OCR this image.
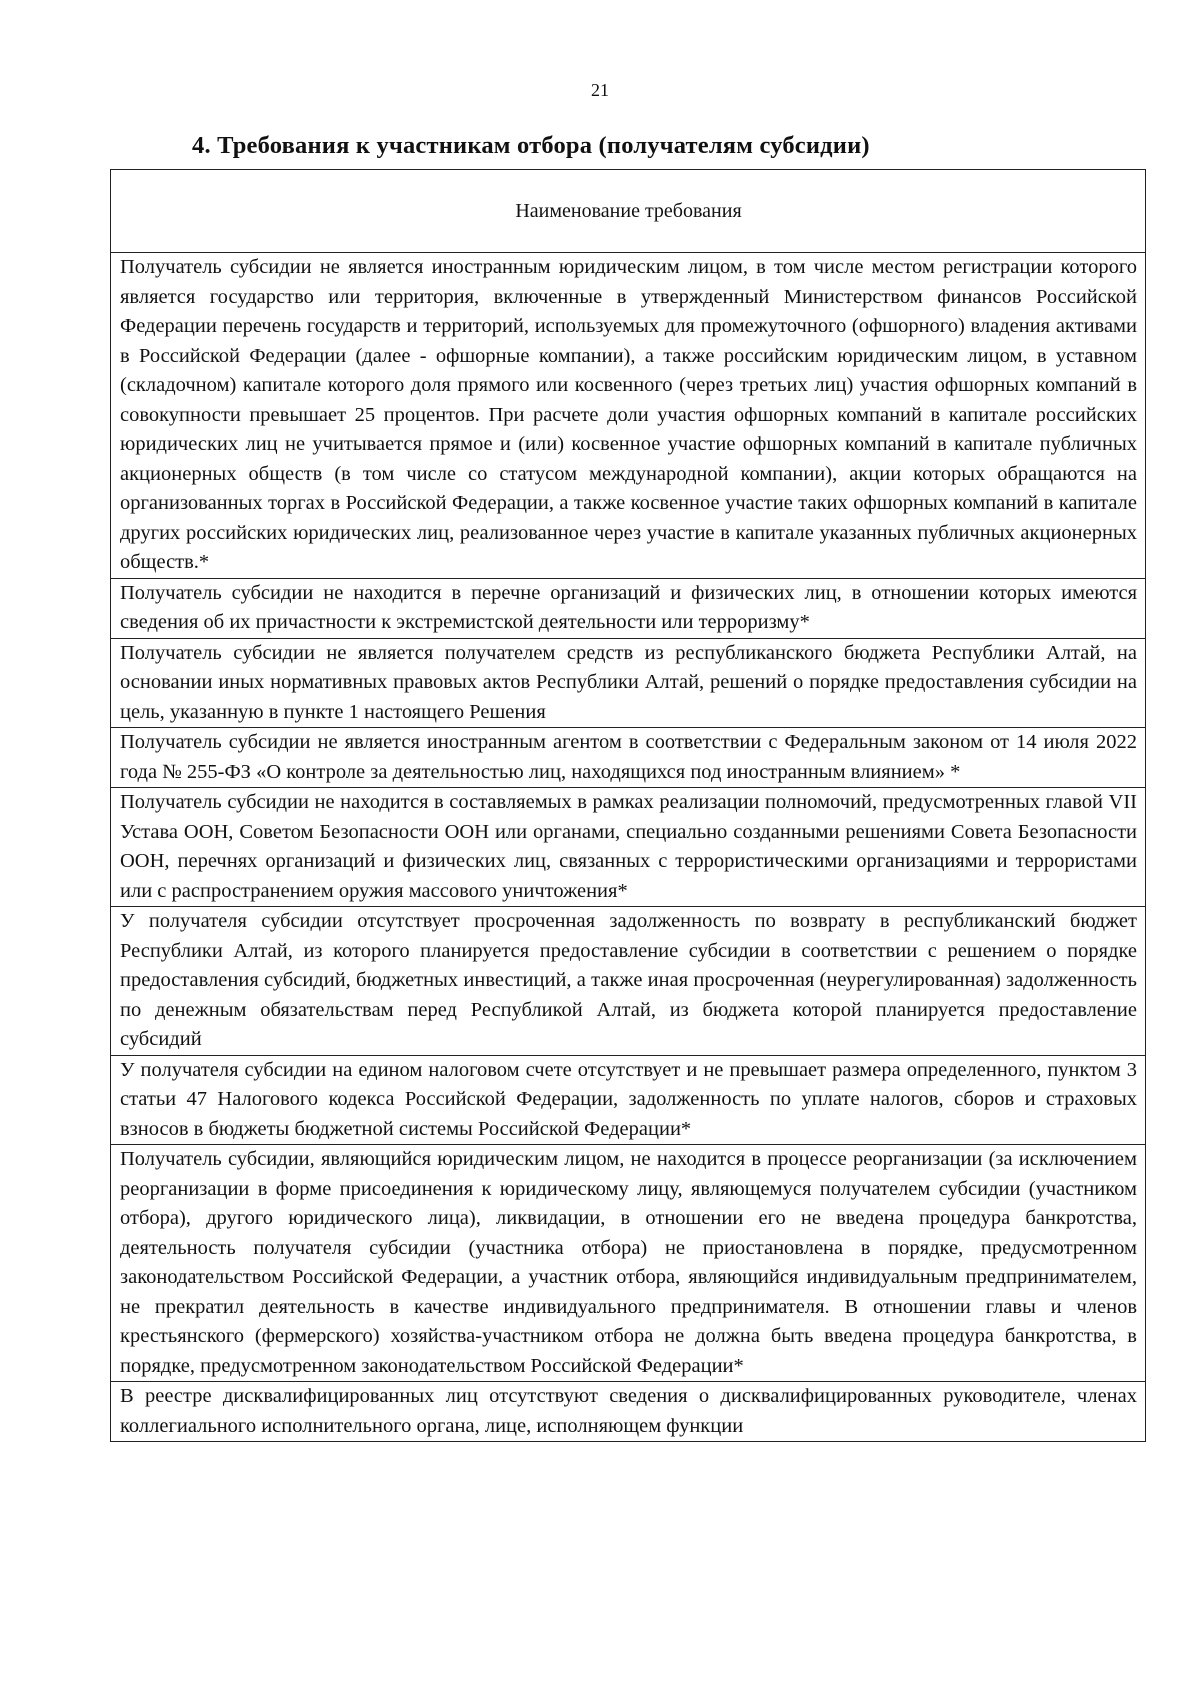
21
4. Требования к участникам отбора (получателям субсидии)
Наименование требования
Получатель субсидии не является иностранным юридическим лицом, в том числе местом регистрации которого является государство или территория, включенные в утвержденный Министерством финансов Российской Федерации перечень государств и территорий, используемых для промежуточного (офшорного) владения активами в Российской Федерации (далее - офшорные компании), а также российским юридическим лицом, в уставном (складочном) капитале которого доля прямого или косвенного (через третьих лиц) участия офшорных компаний в совокупности превышает 25 процентов. При расчете доли участия офшорных компаний в капитале российских юридических лиц не учитывается прямое и (или) косвенное участие офшорных компаний в капитале публичных акционерных обществ (в том числе со статусом международной компании), акции которых обращаются на организованных торгах в Российской Федерации, а также косвенное участие таких офшорных компаний в капитале других российских юридических лиц, реализованное через участие в капитале указанных публичных акционерных обществ.*
Получатель субсидии не находится в перечне организаций и физических лиц, в отношении которых имеются сведения об их причастности к экстремистской деятельности или терроризму*
Получатель субсидии не является получателем средств из республиканского бюджета Республики Алтай, на основании иных нормативных правовых актов Республики Алтай, решений о порядке предоставления субсидии на цель, указанную в пункте 1 настоящего Решения
Получатель субсидии не является иностранным агентом в соответствии с Федеральным законом от 14 июля 2022 года № 255-ФЗ «О контроле за деятельностью лиц, находящихся под иностранным влиянием» *
Получатель субсидии не находится в составляемых в рамках реализации полномочий, предусмотренных главой VII Устава ООН, Советом Безопасности ООН или органами, специально созданными решениями Совета Безопасности ООН, перечнях организаций и физических лиц, связанных с террористическими организациями и террористами или с распространением оружия массового уничтожения*
У получателя субсидии отсутствует просроченная задолженность по возврату в республиканский бюджет Республики Алтай, из которого планируется предоставление субсидии в соответствии с решением о порядке предоставления субсидий, бюджетных инвестиций, а также иная просроченная (неурегулированная) задолженность по денежным обязательствам перед Республикой Алтай, из бюджета которой планируется предоставление субсидий
У получателя субсидии на едином налоговом счете отсутствует и не превышает размера определенного, пунктом 3 статьи 47 Налогового кодекса Российской Федерации, задолженность по уплате налогов, сборов и страховых взносов в бюджеты бюджетной системы Российской Федерации*
Получатель субсидии, являющийся юридическим лицом, не находится в процессе реорганизации (за исключением реорганизации в форме присоединения к юридическому лицу, являющемуся получателем субсидии (участником отбора), другого юридического лица), ликвидации, в отношении его не введена процедура банкротства, деятельность получателя субсидии (участника отбора) не приостановлена в порядке, предусмотренном законодательством Российской Федерации, а участник отбора, являющийся индивидуальным предпринимателем, не прекратил деятельность в качестве индивидуального предпринимателя. В отношении главы и членов крестьянского (фермерского) хозяйства-участником отбора не должна быть введена процедура банкротства, в порядке, предусмотренном законодательством Российской Федерации*
В реестре дисквалифицированных лиц отсутствуют сведения о дисквалифицированных руководителе, членах коллегиального исполнительного органа, лице, исполняющем функции
